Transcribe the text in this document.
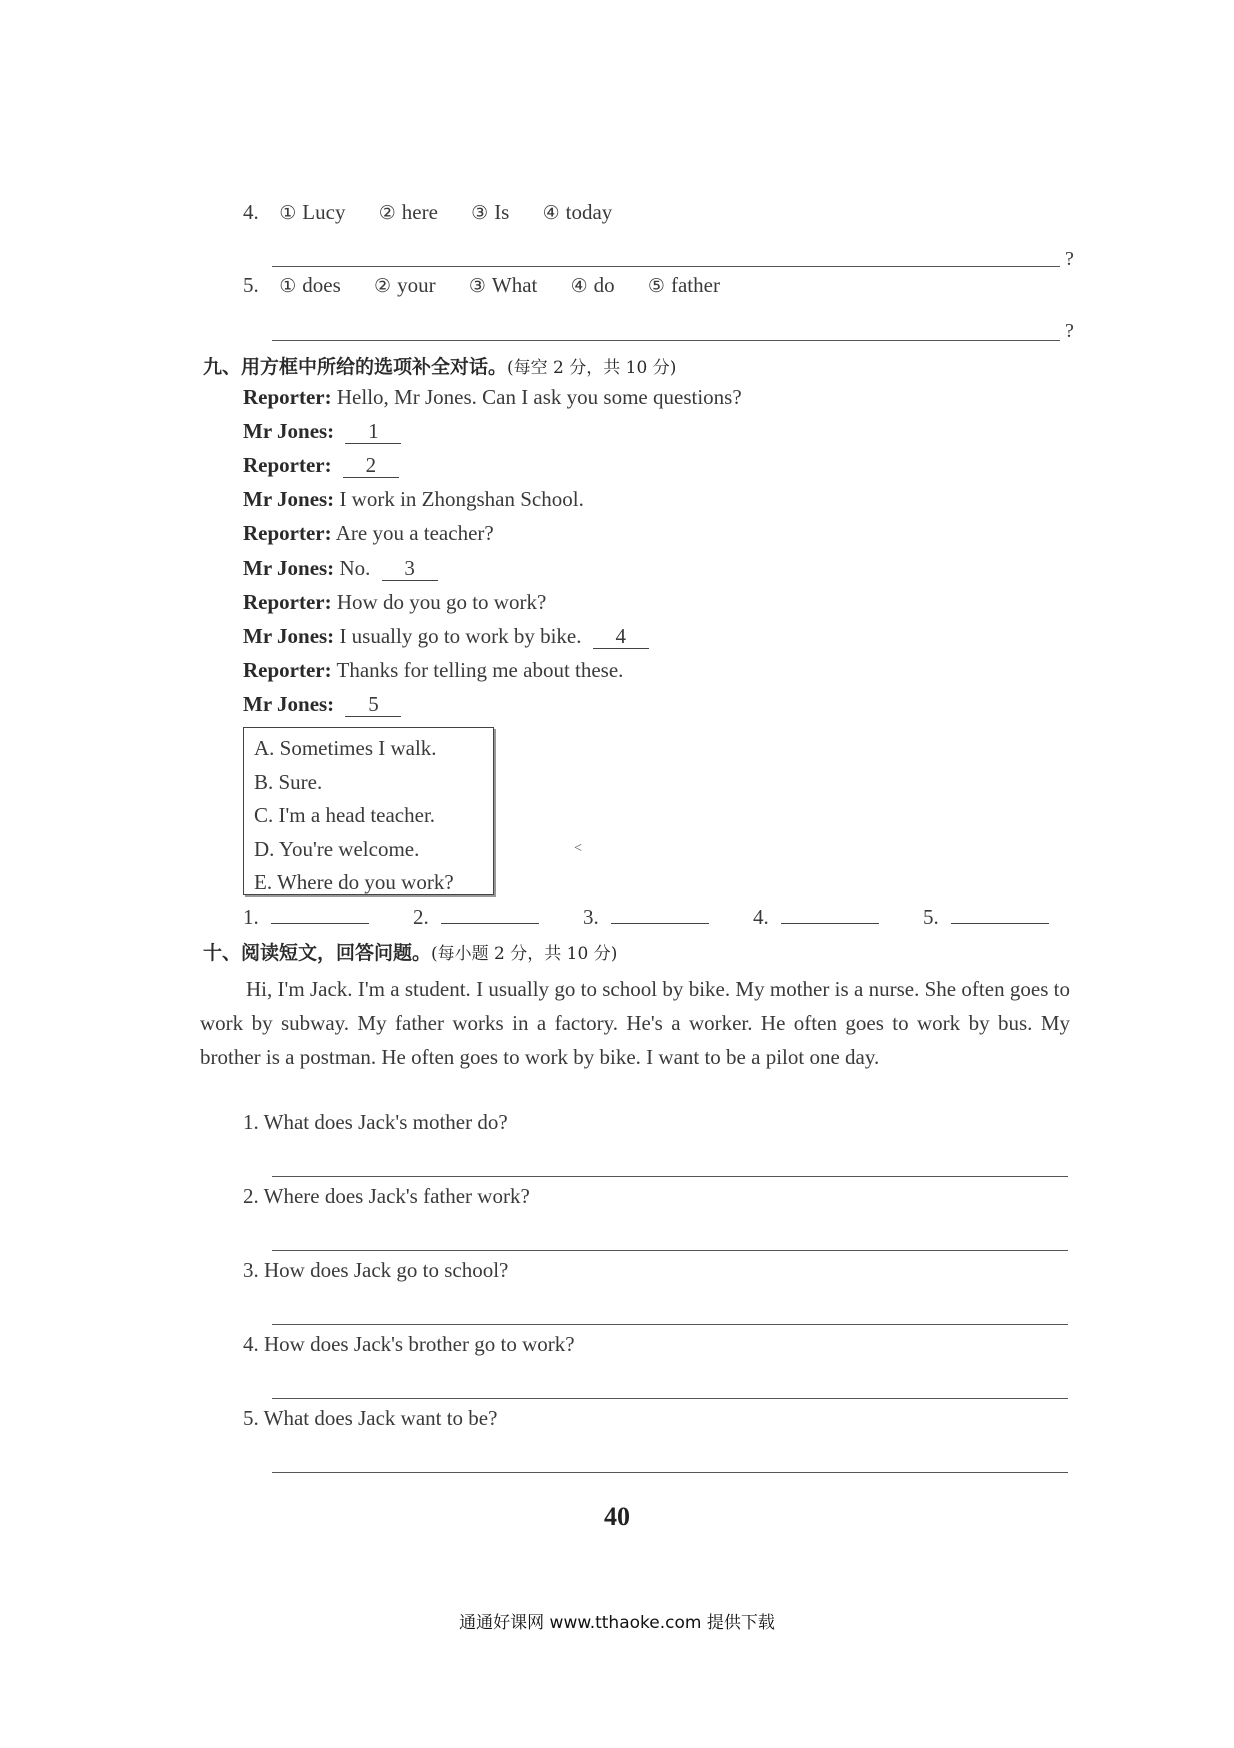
4. ① Lucy ② here ③ Is ④ today
?
5. ① does ② your ③ What ④ do ⑤ father
?
九、用方框中所给的选项补全对话。(每空 2 分，共 10 分)
Reporter: Hello, Mr Jones. Can I ask you some questions?
Mr Jones: 1
Reporter: 2
Mr Jones: I work in Zhongshan School.
Reporter: Are you a teacher?
Mr Jones: No. 3
Reporter: How do you go to work?
Mr Jones: I usually go to work by bike. 4
Reporter: Thanks for telling me about these.
Mr Jones: 5
A. Sometimes I walk.
B. Sure.
C. I'm a head teacher.
D. You're welcome.
E. Where do you work?
˂
1.	2.	3.	4.	5.
十、阅读短文，回答问题。(每小题 2 分，共 10 分)
Hi, I'm Jack. I'm a student. I usually go to school by bike. My mother is a nurse. She often goes to work by subway. My father works in a factory. He's a worker. He often goes to work by bus. My brother is a postman. He often goes to work by bike. I want to be a pilot one day.
1. What does Jack's mother do?
2. Where does Jack's father work?
3. How does Jack go to school?
4. How does Jack's brother go to work?
5. What does Jack want to be?
40
通通好课网 www.tthaoke.com 提供下载
